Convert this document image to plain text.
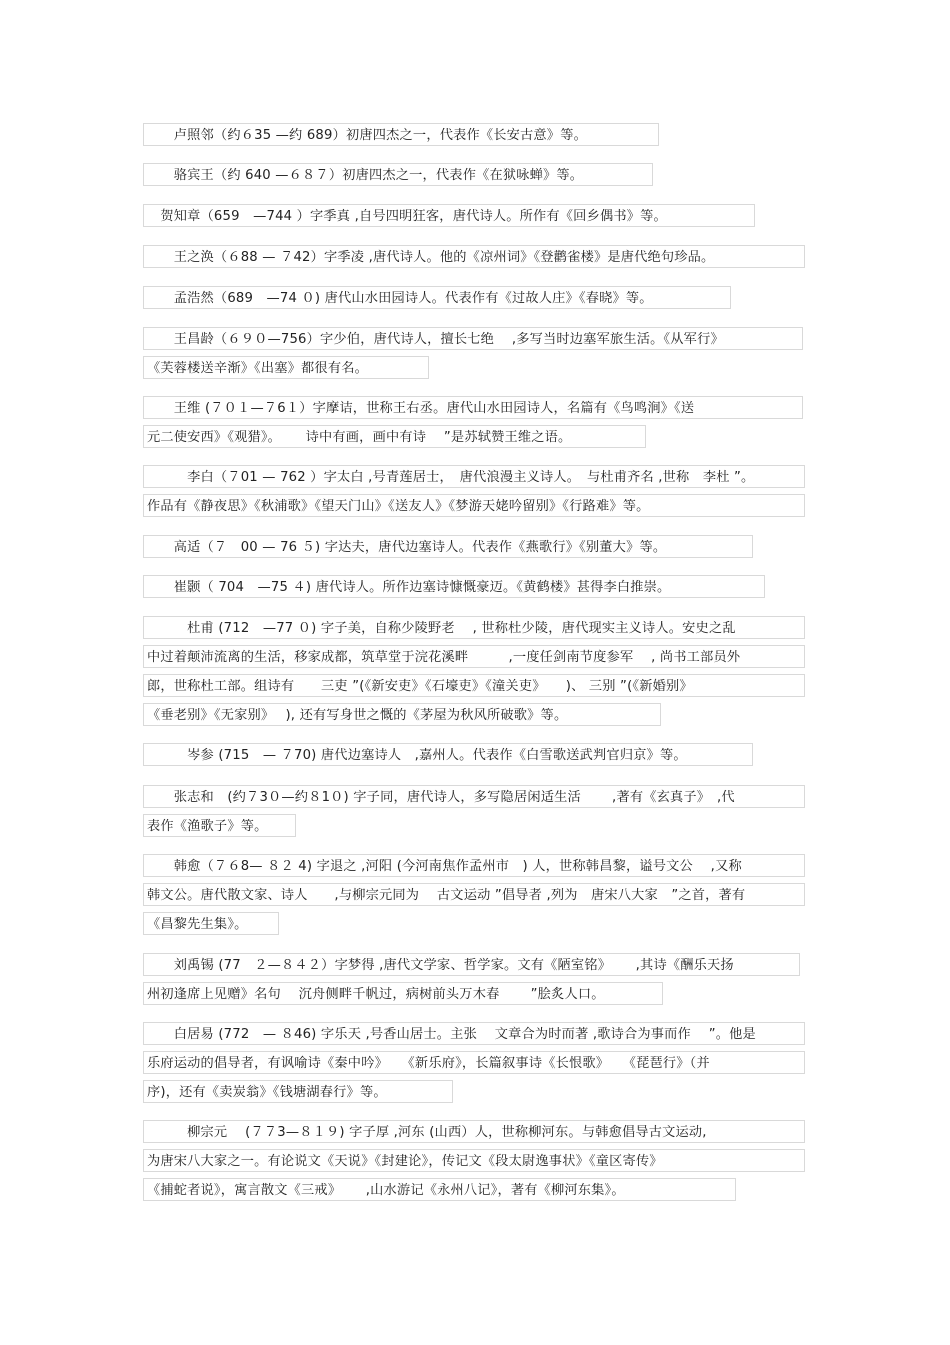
　　卢照邻（约６35 —约 689）初唐四杰之一，代表作《长安古意》等。
　　骆宾王（约 640 —６８７）初唐四杰之一，代表作《在狱咏蝉》等。
　贺知章（659　—744 ）字季真 ,自号四明狂客，唐代诗人。所作有《回乡偶书》等。
　　王之涣（６88 — ７42）字季凌 ,唐代诗人。他的《凉州词》《登鹳雀楼》是唐代绝句珍品。
　　孟浩然（689　—74 ０) 唐代山水田园诗人。代表作有《过故人庄》《春晓》等。
　　王昌龄（６９０—756）字少伯，唐代诗人，擅长七绝　 ,多写当时边塞军旅生活。《从军行》
《芙蓉楼送辛渐》《出塞》都很有名。
　　王维 (７０１—７6１）字摩诘，世称王右丞。唐代山水田园诗人，名篇有《鸟鸣涧》《送
元二使安西》《观猎》。　　 诗中有画，画中有诗　 ”是苏轼赞王维之语。
　　　李白（７01 — 762 ）字太白 ,号青莲居士，　唐代浪漫主义诗人。　与杜甫齐名 ,世称　李杜 ”。
作品有《静夜思》《秋浦歌》《望天门山》《送友人》《梦游天姥吟留别》《行路难》等。
　　高适（７　00 — 76 ５) 字达夫，唐代边塞诗人。代表作《燕歌行》《别董大》等。
　　崔颢（ 704　—75 ４) 唐代诗人。所作边塞诗慷慨豪迈。《黄鹤楼》甚得李白推崇。
　　　杜甫 (712　—77 ０) 字子美，自称少陵野老　 , 世称杜少陵，唐代现实主义诗人。安史之乱
中过着颠沛流离的生活，移家成都，筑草堂于浣花溪畔　　　,一度任剑南节度参军　 , 尚书工部员外
郎，世称杜工部。组诗有　　三吏 ”(《新安吏》《石壕吏》《潼关吏》　　)、 三别 ”(《新婚别》
《垂老别》《无家别》　 ), 还有写身世之慨的《茅屋为秋风所破歌》等。
　　　岑参 (715　— ７70) 唐代边塞诗人　,嘉州人。代表作《白雪歌送武判官归京》等。
　　张志和　(约７3０—约８1０) 字子同，唐代诗人，多写隐居闲适生活　　 ,著有《玄真子》　,代
表作《渔歌子》等。
　　韩愈（７６8— ８２ 4) 字退之 ,河阳 (今河南焦作孟州市　) 人，世称韩昌黎，谥号文公　 ,又称
韩文公。唐代散文家、诗人　　,与柳宗元同为　 古文运动 ”倡导者 ,列为　唐宋八大家　”之首，著有
《昌黎先生集》。
　　刘禹锡 (77　２—８４２）字梦得 ,唐代文学家、哲学家。文有《陋室铭》　　 ,其诗《酬乐天扬
州初逢席上见赠》名句　 沉舟侧畔千帆过，病树前头万木春　　 ”脍炙人口。
　　白居易 (772　— ８46) 字乐天 ,号香山居士。主张　 文章合为时而著 ,歌诗合为事而作　 ”。他是
乐府运动的倡导者，有讽喻诗《秦中吟》　　《新乐府》，长篇叙事诗《长恨歌》　　《琵琶行》（并
序)，还有《卖炭翁》《钱塘湖春行》等。
　　　柳宗元　 (７７3—８１９) 字子厚 ,河东 (山西）人，世称柳河东。与韩愈倡导古文运动,
为唐宋八大家之一。有论说文《天说》《封建论》，传记文《段太尉逸事状》《童区寄传》
《捕蛇者说》，寓言散文《三戒》　　 ,山水游记《永州八记》，著有《柳河东集》。
